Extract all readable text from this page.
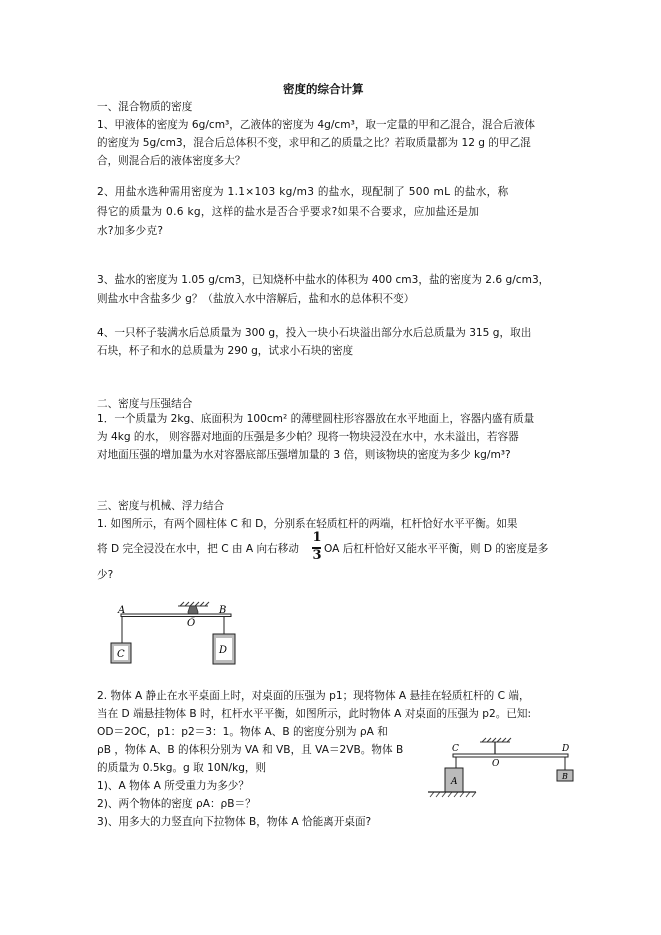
密度的综合计算
一、混合物质的密度
1、甲液体的密度为 6g/cm³，乙液体的密度为 4g/cm³，取一定量的甲和乙混合，混合后液体
的密度为 5g/cm3，混合后总体积不变，求甲和乙的质量之比？若取质量都为 12 g 的甲乙混
合，则混合后的液体密度多大？
2、用盐水选种需用密度为 1.1×103 kg/m3 的盐水，现配制了 500 mL 的盐水，称
得它的质量为 0.6 kg，这样的盐水是否合乎要求?如果不合要求，应加盐还是加
水?加多少克?
3、盐水的密度为 1.05 g/cm3，已知烧杯中盐水的体积为 400 cm3，盐的密度为 2.6 g/cm3，
则盐水中含盐多少 g？（盐放入水中溶解后，盐和水的总体积不变）
4、一只杯子装满水后总质量为 300 g，投入一块小石块溢出部分水后总质量为 315 g，取出
石块，杯子和水的总质量为 290 g，试求小石块的密度
二、密度与压强结合
1．一个质量为 2kg、底面积为 100cm² 的薄壁圆柱形容器放在水平地面上，容器内盛有质量
为 4kg 的水， 则容器对地面的压强是多少帕？现将一物块浸没在水中，水未溢出，若容器
对地面压强的增加量为水对容器底部压强增加量的 3 倍，则该物块的密度为多少 kg/m³?
三、密度与机械、浮力结合
1. 如图所示，有两个圆柱体 C 和 D，分别系在轻质杠杆的两端，杠杆恰好水平平衡。如果
将 D 完全浸没在水中，把 C 由 A 向右移动
1
3 OA 后杠杆恰好又能水平平衡，则 D 的密度是多
少?
A	B
O
C	D
2. 物体 A 静止在水平桌面上时，对桌面的压强为 p1；现将物体 A 悬挂在轻质杠杆的 C 端，
当在 D 端悬挂物体 B 时，杠杆水平平衡，如图所示，此时物体 A 对桌面的压强为 p2。已知:
OD＝2OC，p1：p2＝3：1。物体 A、B 的密度分别为 ρA 和
ρB ，物体 A、B 的体积分别为 VA 和 VB，且 VA＝2VB。物体 B
的质量为 0.5kg。g 取 10N/kg，则
1)、A 物体 A 所受重力为多少？
2)、两个物体的密度 ρA：ρB＝？
3)、用多大的力竖直向下拉物体 B，物体 A 恰能离开桌面?
C	D
O
A
B
